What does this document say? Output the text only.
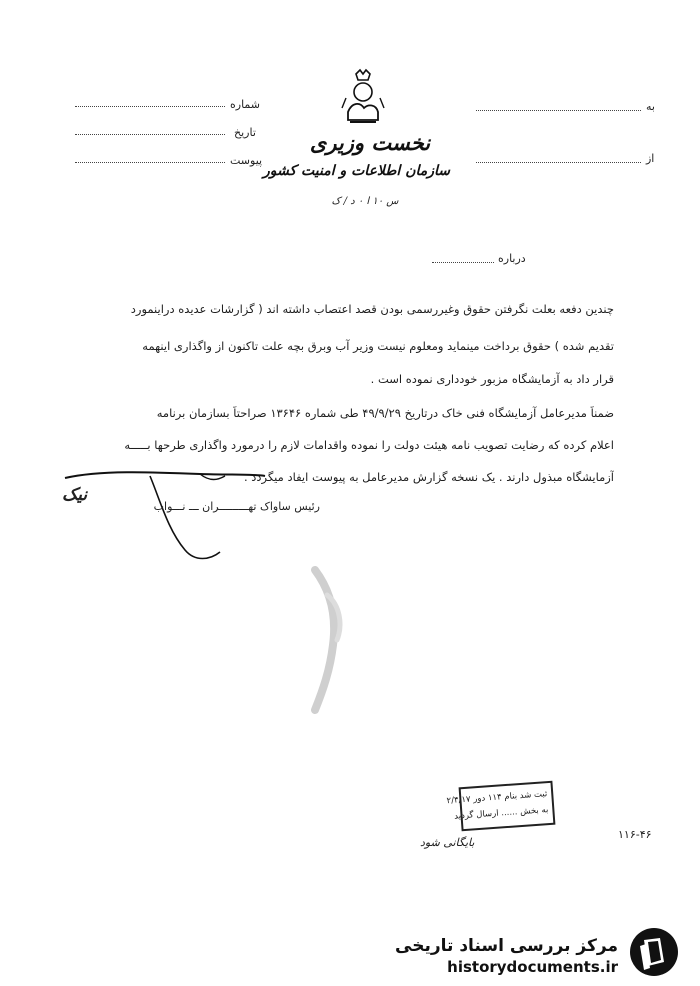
شماره
تاریخ
پیوست
به
از
نخست وزیری
سازمان اطلاعات و امنیت کشور
س ۱۰ ا ۰ د / ک
درباره
چندین دفعه بعلت نگرفتن حقوق وغیررسمی بودن قصد اعتصاب داشته اند ( گزارشات عدیده دراینمورد
تقدیم شده ) حقوق برداخت مینماید ومعلوم نیست وزیر آب وبرق بچه علت تاکنون از واگذاری اینهمه
قرار داد به آزمایشگاه مزبور خودداری نموده است .
ضمناً مدیرعامل آزمایشگاه فنی خاک درتاریخ ۴۹/۹/۲۹ طی شماره ۱۳۶۴۶ صراحتاً بسازمان برنامه
اعلام کرده که رضایت تصویب نامه هیئت دولت را نموده واقدامات لازم را درمورد واگذاری طرحها بـــــه
آزمایشگاه مبذول دارند . یک نسخه گزارش مدیرعامل به پیوست ایفاد میگردد .
رئیس ساواک تهـــــــــران ـــ نـــواب
نیک
ثبت شد بنام ۱۱۴ دور ۲/۴/۱۷
به بخش ...... ارسال گردید
۱۱۶-۴۶
بایگانی شود
مرکز بررسی اسناد تاریخی
historydocuments.ir
